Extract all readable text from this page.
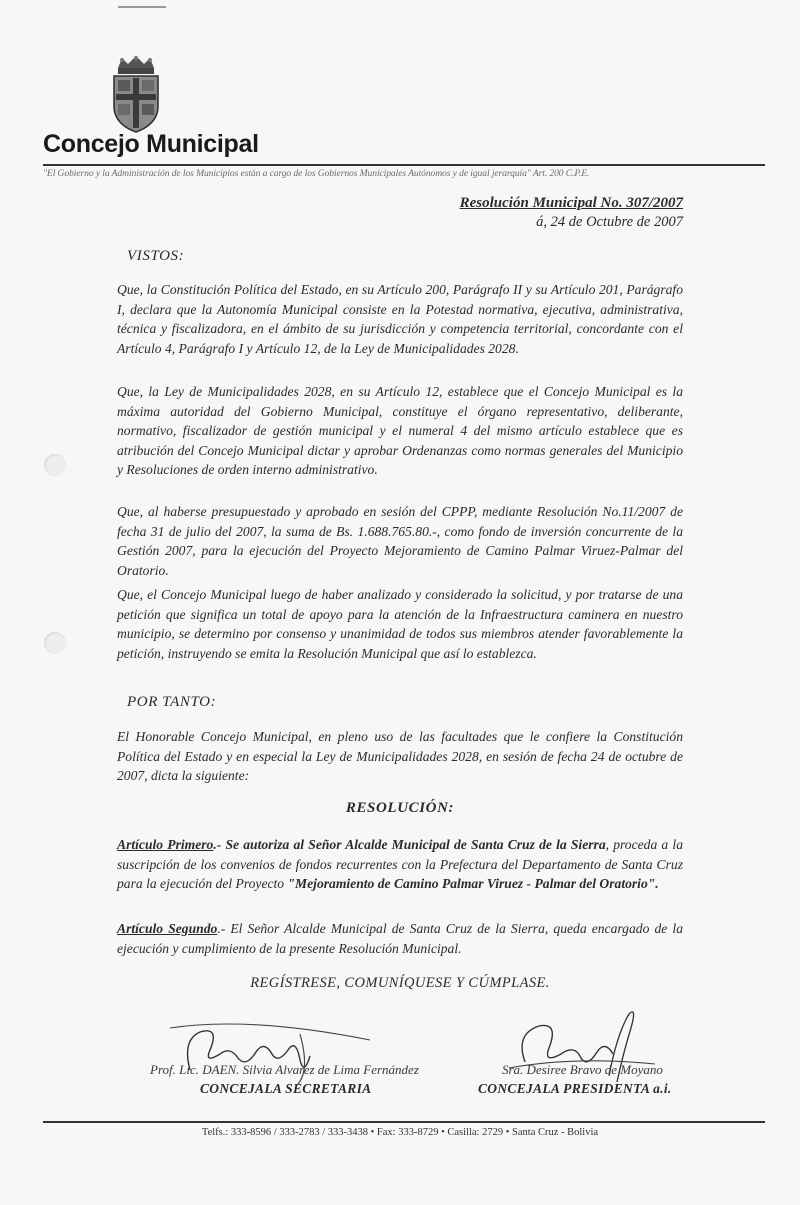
Concejo Municipal
"El Gobierno y la Administración de los Municipios están a cargo de los Gobiernos Municipales Autónomos y de igual jerarquía" Art. 200 C.P.E.
Resolución Municipal No. 307/2007
á, 24 de Octubre de 2007
VISTOS:

Que, la Constitución Política del Estado, en su Artículo 200, Parágrafo II y su Artículo 201, Parágrafo I, declara que la Autonomía Municipal consiste en la Potestad normativa, ejecutiva, administrativa, técnica y fiscalizadora, en el ámbito de su jurisdicción y competencia territorial, concordante con el Artículo 4, Parágrafo I y Artículo 12, de la Ley de Municipalidades 2028.

Que, la Ley de Municipalidades 2028, en su Artículo 12, establece que el Concejo Municipal es la máxima autoridad del Gobierno Municipal, constituye el órgano representativo, deliberante, normativo, fiscalizador de gestión municipal y el numeral 4 del mismo artículo establece que es atribución del Concejo Municipal dictar y aprobar Ordenanzas como normas generales del Municipio y Resoluciones de orden interno administrativo.

Que, al haberse presupuestado y aprobado en sesión del CPPP, mediante Resolución No.11/2007 de fecha 31 de julio del 2007, la suma de Bs. 1.688.765.80.-, como fondo de inversión concurrente de la Gestión 2007, para la ejecución del Proyecto Mejoramiento de Camino Palmar Viruez-Palmar del Oratorio.

Que, el Concejo Municipal luego de haber analizado y considerado la solicitud, y por tratarse de una petición que significa un total de apoyo para la atención de la Infraestructura caminera en nuestro municipio, se determino por consenso y unanimidad de todos sus miembros atender favorablemente la petición, instruyendo se emita la Resolución Municipal que así lo establezca.

POR TANTO:

El Honorable Concejo Municipal, en pleno uso de las facultades que le confiere la Constitución Política del Estado y en especial la Ley de Municipalidades 2028, en sesión de fecha 24 de octubre de 2007, dicta la siguiente:

RESOLUCIÓN:

Artículo Primero.- Se autoriza al Señor Alcalde Municipal de Santa Cruz de la Sierra, proceda a la suscripción de los convenios de fondos recurrentes con la Prefectura del Departamento de Santa Cruz para la ejecución del Proyecto "Mejoramiento de Camino Palmar Viruez - Palmar del Oratorio".

Artículo Segundo.- El Señor Alcalde Municipal de Santa Cruz de la Sierra, queda encargado de la ejecución y cumplimiento de la presente Resolución Municipal.

REGÍSTRESE, COMUNÍQUESE Y CÚMPLASE.
Prof. Lic. DAEN. Silvia Alvarez de Lima Fernández
CONCEJALA SECRETARIA
Sra. Desiree Bravo de Moyano
CONCEJALA PRESIDENTA a.i.
Telfs.: 333-8596 / 333-2783 / 333-3438 • Fax: 333-8729 • Casilla: 2729 • Santa Cruz - Bolivia
